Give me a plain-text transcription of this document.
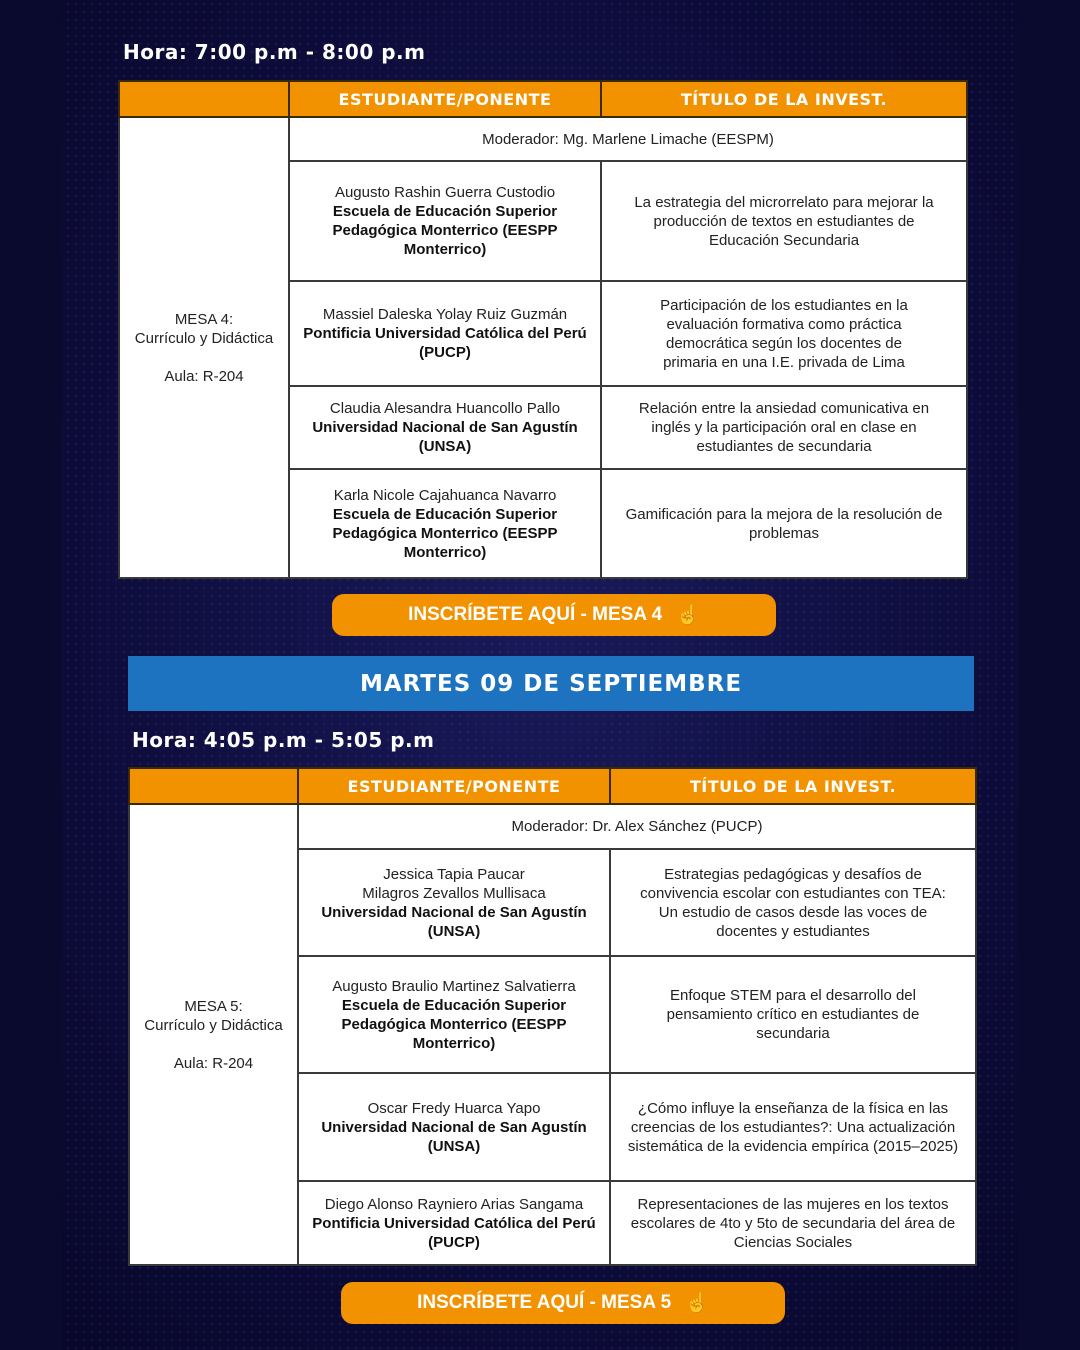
Hora: 7:00 p.m - 8:00 p.m
	ESTUDIANTE/PONENTE	TÍTULO DE LA INVEST.

MESA 4:
Currículo y Didáctica

Aula: R-204	Moderador: Mg. Marlene Limache (EESPM)	

	Augusto Rashin Guerra Custodio
Escuela de Educación Superior Pedagógica Monterrico (EESPP Monterrico)	La estrategia del microrrelato para mejorar la producción de textos en estudiantes de Educación Secundaria

	Massiel Daleska Yolay Ruiz Guzmán
Pontificia Universidad Católica del Perú (PUCP)	Participación de los estudiantes en la evaluación formativa como práctica democrática según los docentes de primaria en una I.E. privada de Lima

	Claudia Alesandra Huancollo Pallo
Universidad Nacional de San Agustín (UNSA)	Relación entre la ansiedad comunicativa en inglés y la participación oral en clase en estudiantes de secundaria

	Karla Nicole Cajahuanca Navarro
Escuela de Educación Superior Pedagógica Monterrico (EESPP Monterrico)	Gamificación para la mejora de la resolución de problemas
INSCRÍBETE AQUÍ - MESA 4 ☝
MARTES 09 DE SEPTIEMBRE
Hora: 4:05 p.m - 5:05 p.m
	ESTUDIANTE/PONENTE	TÍTULO DE LA INVEST.

MESA 5:
Currículo y Didáctica

Aula: R-204	Moderador: Dr. Alex Sánchez (PUCP)	

	Jessica Tapia Paucar
Milagros Zevallos Mullisaca
Universidad Nacional de San Agustín (UNSA)	Estrategias pedagógicas y desafíos de convivencia escolar con estudiantes con TEA: Un estudio de casos desde las voces de docentes y estudiantes

	Augusto Braulio Martinez Salvatierra
Escuela de Educación Superior Pedagógica Monterrico (EESPP Monterrico)	Enfoque STEM para el desarrollo del pensamiento crítico en estudiantes de secundaria

	Oscar Fredy Huarca Yapo
Universidad Nacional de San Agustín (UNSA)	¿Cómo influye la enseñanza de la física en las creencias de los estudiantes?: Una actualización sistemática de la evidencia empírica (2015–2025)

	Diego Alonso Rayniero Arias Sangama
Pontificia Universidad Católica del Perú (PUCP)	Representaciones de las mujeres en los textos escolares de 4to y 5to de secundaria del área de Ciencias Sociales
INSCRÍBETE AQUÍ - MESA 5 ☝
